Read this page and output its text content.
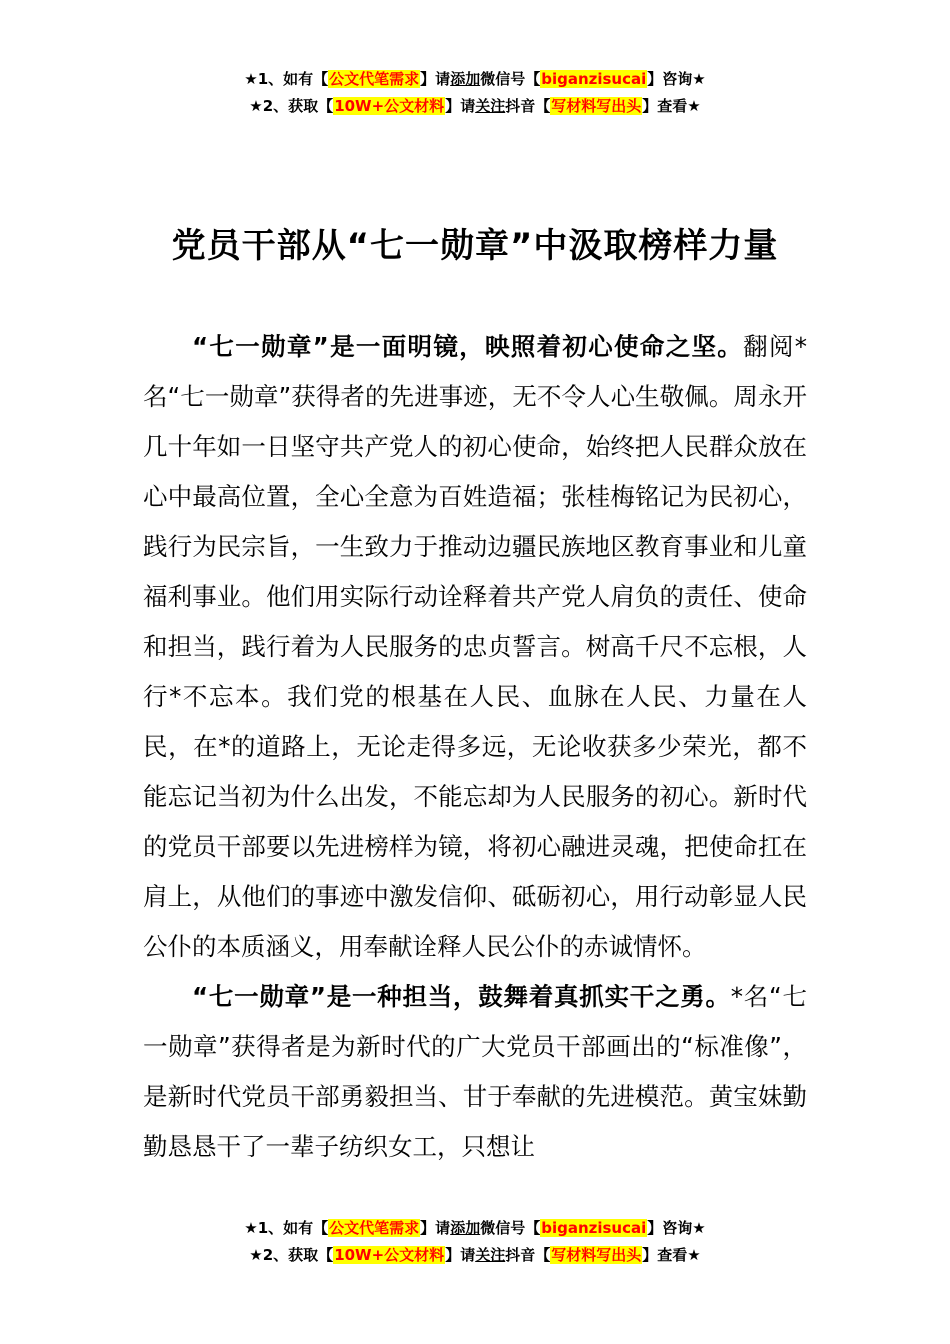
★1、如有【公文代笔需求】请添加微信号【biganzisucai】咨询★
★2、获取【10W+公文材料】请关注抖音【写材料写出头】查看★
党员干部从“七一勋章”中汲取榜样力量

“七一勋章”是一面明镜，映照着初心使命之坚。翻阅*名“七一勋章”获得者的先进事迹，无不令人心生敬佩。周永开几十年如一日坚守共产党人的初心使命，始终把人民群众放在心中最高位置，全心全意为百姓造福；张桂梅铭记为民初心，践行为民宗旨，一生致力于推动边疆民族地区教育事业和儿童福利事业。他们用实际行动诠释着共产党人肩负的责任、使命和担当，践行着为人民服务的忠贞誓言。树高千尺不忘根，人行*不忘本。我们党的根基在人民、血脉在人民、力量在人民，在*的道路上，无论走得多远，无论收获多少荣光，都不能忘记当初为什么出发，不能忘却为人民服务的初心。新时代的党员干部要以先进榜样为镜，将初心融进灵魂，把使命扛在肩上，从他们的事迹中激发信仰、砥砺初心，用行动彰显人民公仆的本质涵义，用奉献诠释人民公仆的赤诚情怀。

“七一勋章”是一种担当，鼓舞着真抓实干之勇。*名“七一勋章”获得者是为新时代的广大党员干部画出的“标准像”，是新时代党员干部勇毅担当、甘于奉献的先进模范。黄宝妹勤勤恳恳干了一辈子纺织女工，只想让

★1、如有【公文代笔需求】请添加微信号【biganzisucai】咨询★
★2、获取【10W+公文材料】请关注抖音【写材料写出头】查看★
